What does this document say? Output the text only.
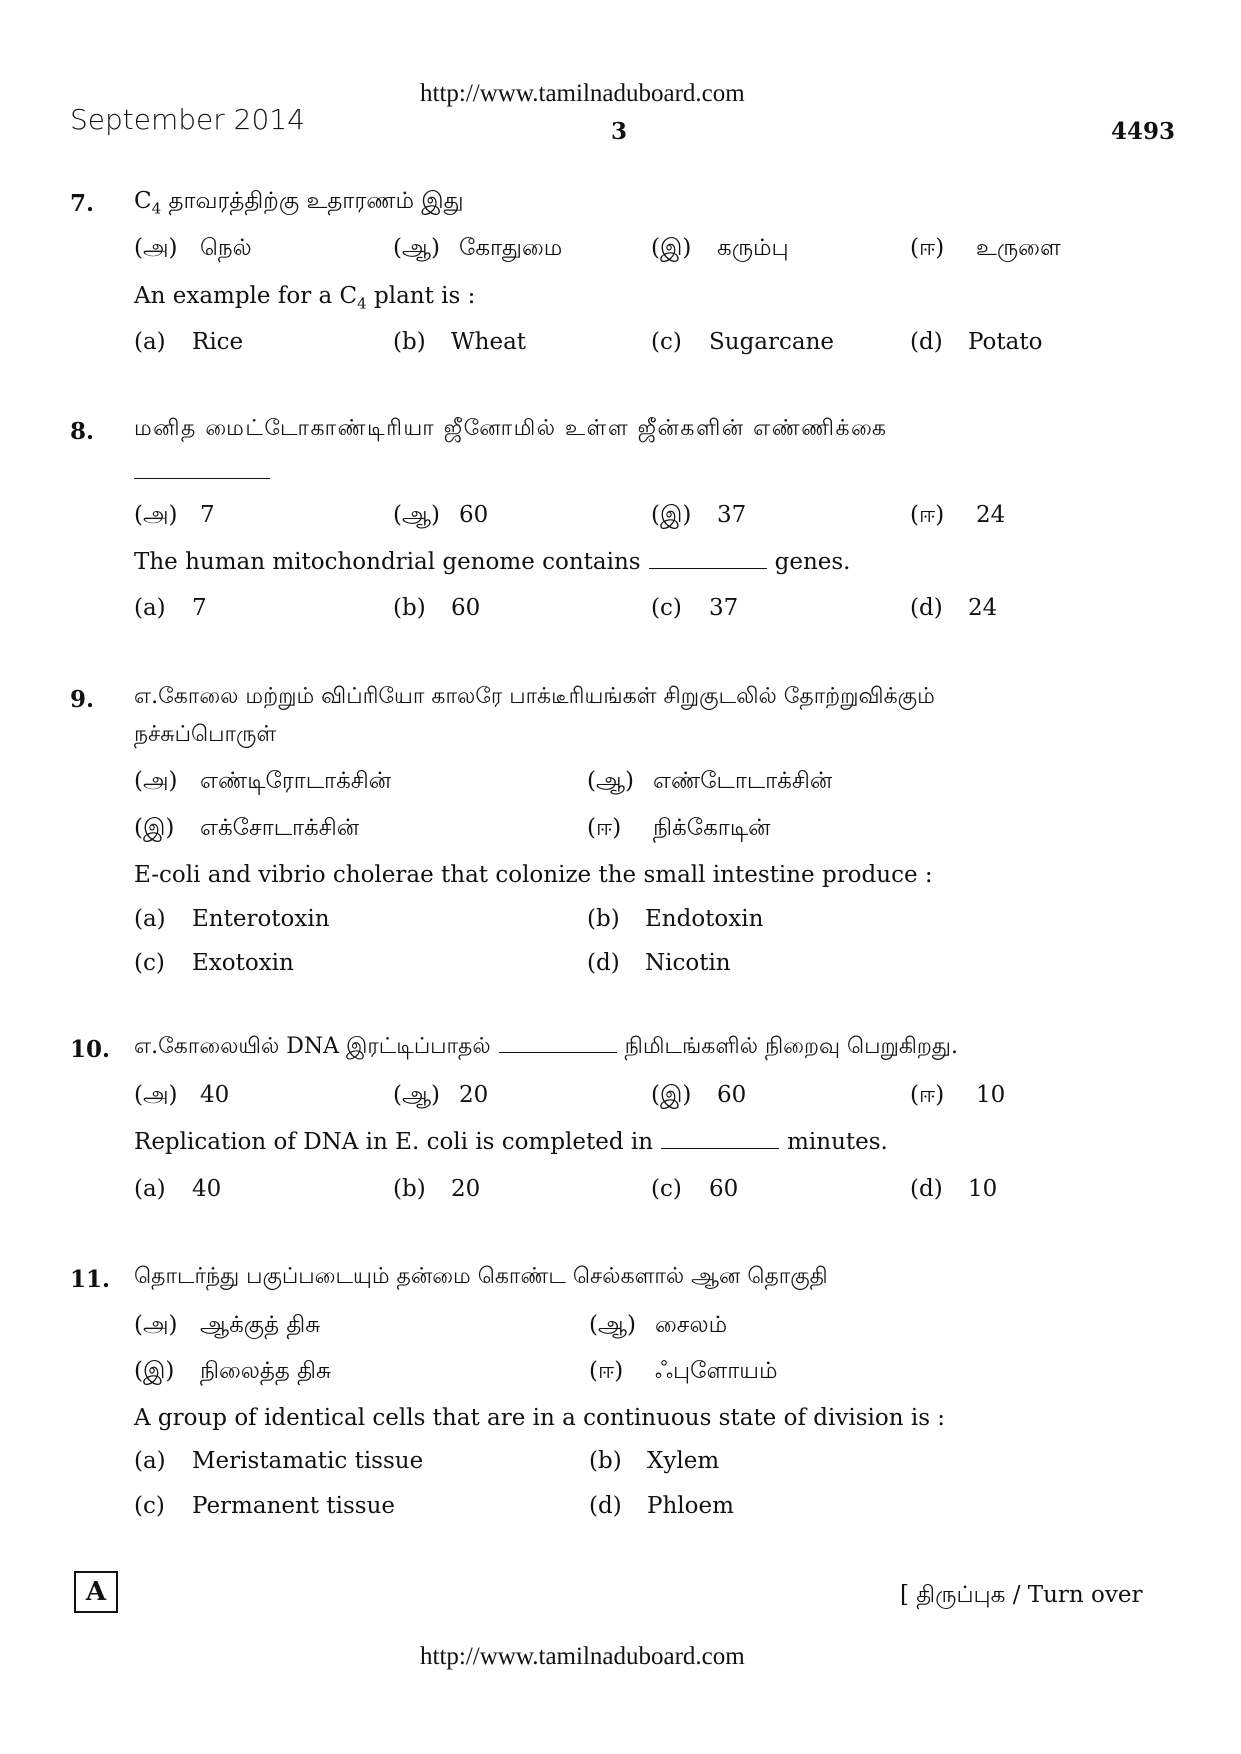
http://www.tamilnaduboard.com
September 2014	3	4493
7. $C_4$ தாவரத்திற்கு உதாரணம் இது
(அ) நெல்	(ஆ) கோதுமை	(இ) கரும்பு	(ஈ) உருளை
An example for a $C_4$ plant is :
(a) Rice	(b) Wheat	(c) Sugarcane	(d) Potato
8. மனித மைட்டோகாண்டிரியா ஜீனோமில் உள்ள ஜீன்களின் எண்ணிக்கை
(அ) 7	(ஆ) 60	(இ) 37	(ஈ) 24
The human mitochondrial genome contains	genes.
(a) 7	(b) 60	(c) 37	(d) 24
9. எ.கோலை மற்றும் விப்ரியோ காலரே பாக்டீரியங்கள் சிறுகுடலில் தோற்றுவிக்கும்
நச்சுப்பொருள்
(அ) எண்டிரோடாக்சின்	(ஆ) எண்டோடாக்சின்
(இ) எக்சோடாக்சின்	(ஈ) நிக்கோடின்
E-coli and vibrio cholerae that colonize the small intestine produce :
(a) Enterotoxin	(b) Endotoxin
(c) Exotoxin	(d) Nicotin
10. எ.கோலையில் DNA இரட்டிப்பாதல்	நிமிடங்களில் நிறைவு பெறுகிறது.
(அ) 40	(ஆ) 20	(இ) 60	(ஈ) 10
Replication of DNA in E. coli is completed in	minutes.
(a) 40	(b) 20	(c) 60	(d) 10
11. தொடர்ந்து பகுப்படையும் தன்மை கொண்ட செல்களால் ஆன தொகுதி
(அ) ஆக்குத் திசு	(ஆ) சைலம்
(இ) நிலைத்த திசு	(ஈ) ஃபுளோயம்
A group of identical cells that are in a continuous state of division is :
(a) Meristamatic tissue	(b) Xylem
(c) Permanent tissue	(d) Phloem
A	[ திருப்புக / Turn over
http://www.tamilnaduboard.com
